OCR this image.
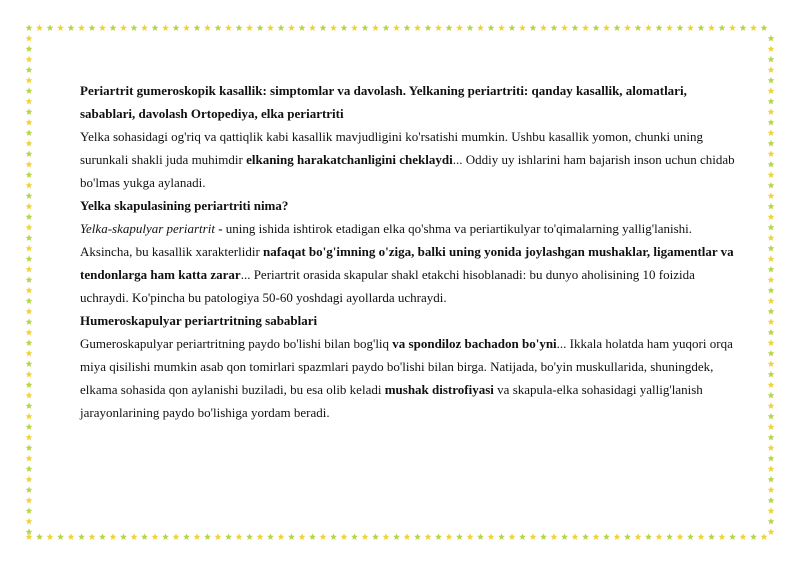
Periartrit gumeroskopik kasallik: simptomlar va davolash. Yelkaning periartriti: qanday kasallik, alomatlari, sabablari, davolash Ortopediya, elka periartriti

Yelka sohasidagi og'riq va qattiqlik kabi kasallik mavjudligini ko'rsatishi mumkin. Ushbu kasallik yomon, chunki uning surunkali shakli juda muhimdir elkaning harakatchanligini cheklaydi... Oddiy uy ishlarini ham bajarish inson uchun chidab bo'lmas yukga aylanadi.

Yelka skapulasining periartriti nima?

Yelka-skapulyar periartrit - uning ishida ishtirok etadigan elka qo'shma va periartikulyar to'qimalarning yallig'lanishi. Aksincha, bu kasallik xarakterlidir nafaqat bo'g'imning o'ziga, balki uning yonida joylashgan mushaklar, ligamentlar va tendonlarga ham katta zarar... Periartrit orasida skapular shakl etakchi hisoblanadi: bu dunyo aholisining 10 foizida uchraydi. Ko'pincha bu patologiya 50-60 yoshdagi ayollarda uchraydi.

Humeroskapulyar periartritning sabablari

Gumeroskapulyar periartritning paydo bo'lishi bilan bog'liq va spondiloz bachadon bo'yni... Ikkala holatda ham yuqori orqa miya qisilishi mumkin asab qon tomirlari spazmlari paydo bo'lishi bilan birga. Natijada, bo'yin muskullarida, shuningdek, elkama sohasida qon aylanishi buziladi, bu esa olib keladi mushak distrofiyasi va skapula-elka sohasidagi yallig'lanish jarayonlarining paydo bo'lishiga yordam beradi.
